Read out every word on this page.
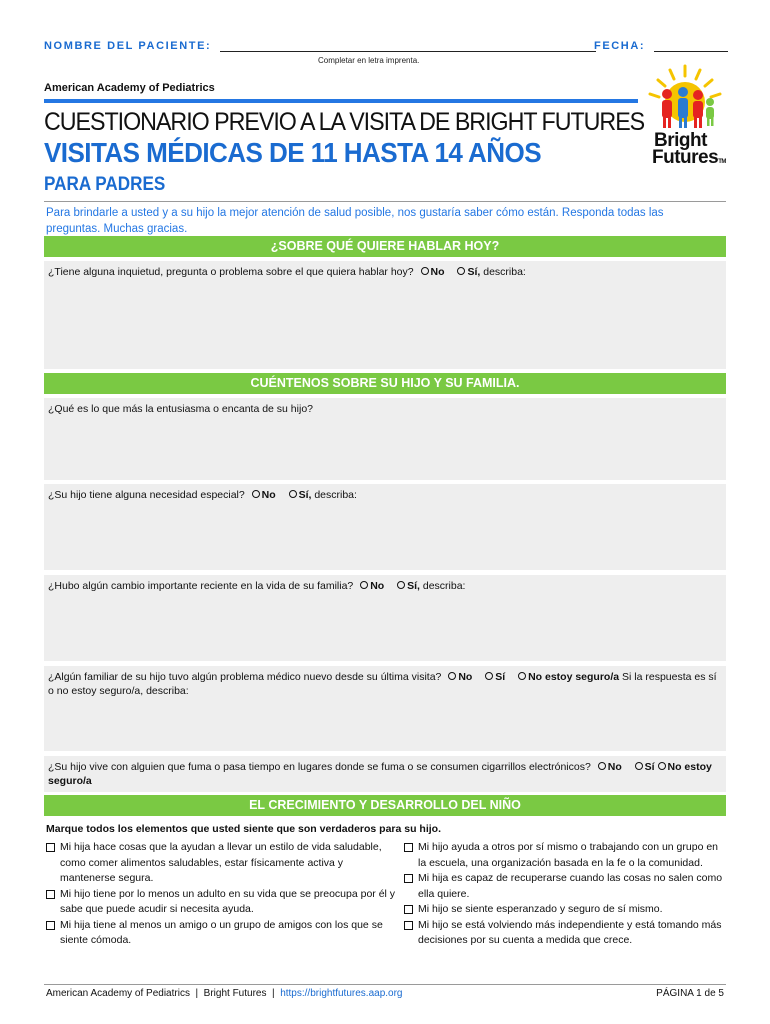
NOMBRE DEL PACIENTE:	FECHA:
Completar en letra imprenta.
American Academy of Pediatrics
Bright
FuturesTM
CUESTIONARIO PREVIO A LA VISITA DE BRIGHT FUTURES
VISITAS MÉDICAS DE 11 HASTA 14 AÑOS
PARA PADRES
Para brindarle a usted y a su hijo la mejor atención de salud posible, nos gustaría saber cómo están. Responda todas las preguntas. Muchas gracias.
¿SOBRE QUÉ QUIERE HABLAR HOY?
¿Tiene alguna inquietud, pregunta o problema sobre el que quiera hablar hoy? No Sí, describa:
CUÉNTENOS SOBRE SU HIJO Y SU FAMILIA.
¿Qué es lo que más la entusiasma o encanta de su hijo?
¿Su hijo tiene alguna necesidad especial? No Sí, describa:
¿Hubo algún cambio importante reciente en la vida de su familia? No Sí, describa:
¿Algún familiar de su hijo tuvo algún problema médico nuevo desde su última visita? No Sí No estoy seguro/a Si la respuesta es sí o no estoy seguro/a, describa:
¿Su hijo vive con alguien que fuma o pasa tiempo en lugares donde se fuma o se consumen cigarrillos electrónicos? No Sí No estoy seguro/a
EL CRECIMIENTO Y DESARROLLO DEL NIÑO
Marque todos los elementos que usted siente que son verdaderos para su hijo.
Mi hija hace cosas que la ayudan a llevar un estilo de vida saludable, como comer alimentos saludables, estar físicamente activa y mantenerse segura.
Mi hijo tiene por lo menos un adulto en su vida que se preocupa por él y sabe que puede acudir si necesita ayuda.
Mi hija tiene al menos un amigo o un grupo de amigos con los que se siente cómoda.
Mi hijo ayuda a otros por sí mismo o trabajando con un grupo en la escuela, una organización basada en la fe o la comunidad.
Mi hija es capaz de recuperarse cuando las cosas no salen como ella quiere.
Mi hijo se siente esperanzado y seguro de sí mismo.
Mi hijo se está volviendo más independiente y está tomando más decisiones por su cuenta a medida que crece.
American Academy of Pediatrics  |  Bright Futures  |  https://brightfutures.aap.org	PÁGINA 1 de 5
